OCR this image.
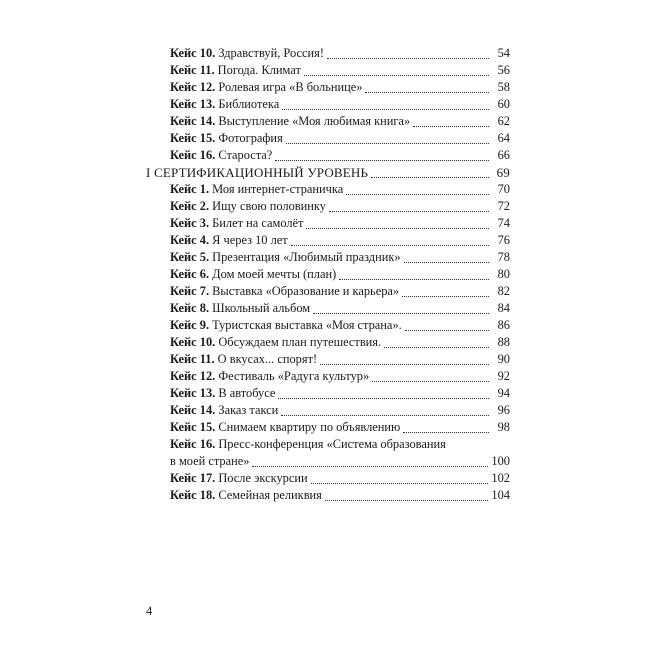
Кейс 10. Здравствуй, Россия!	54
Кейс 11. Погода. Климат	56
Кейс 12. Ролевая игра «В больнице»	58
Кейс 13. Библиотека	60
Кейс 14. Выступление «Моя любимая книга»	62
Кейс 15. Фотография	64
Кейс 16. Староста?	66
I СЕРТИФИКАЦИОННЫЙ УРОВЕНЬ	69
Кейс 1. Моя интернет-страничка	70
Кейс 2. Ищу свою половинку	72
Кейс 3. Билет на самолёт	74
Кейс 4. Я через 10 лет	76
Кейс 5. Презентация «Любимый праздник»	78
Кейс 6. Дом моей мечты (план)	80
Кейс 7. Выставка «Образование и карьера»	82
Кейс 8. Школьный альбом	84
Кейс 9. Туристская выставка «Моя страна».	86
Кейс 10. Обсуждаем план путешествия.	88
Кейс 11. О вкусах... спорят!	90
Кейс 12. Фестиваль «Радуга культур»	92
Кейс 13. В автобусе	94
Кейс 14. Заказ такси	96
Кейс 15. Снимаем квартиру по объявлению	98
Кейс 16. Пресс-конференция «Система образования
в моей стране»	100
Кейс 17. После экскурсии	102
Кейс 18. Семейная реликвия	104
4
